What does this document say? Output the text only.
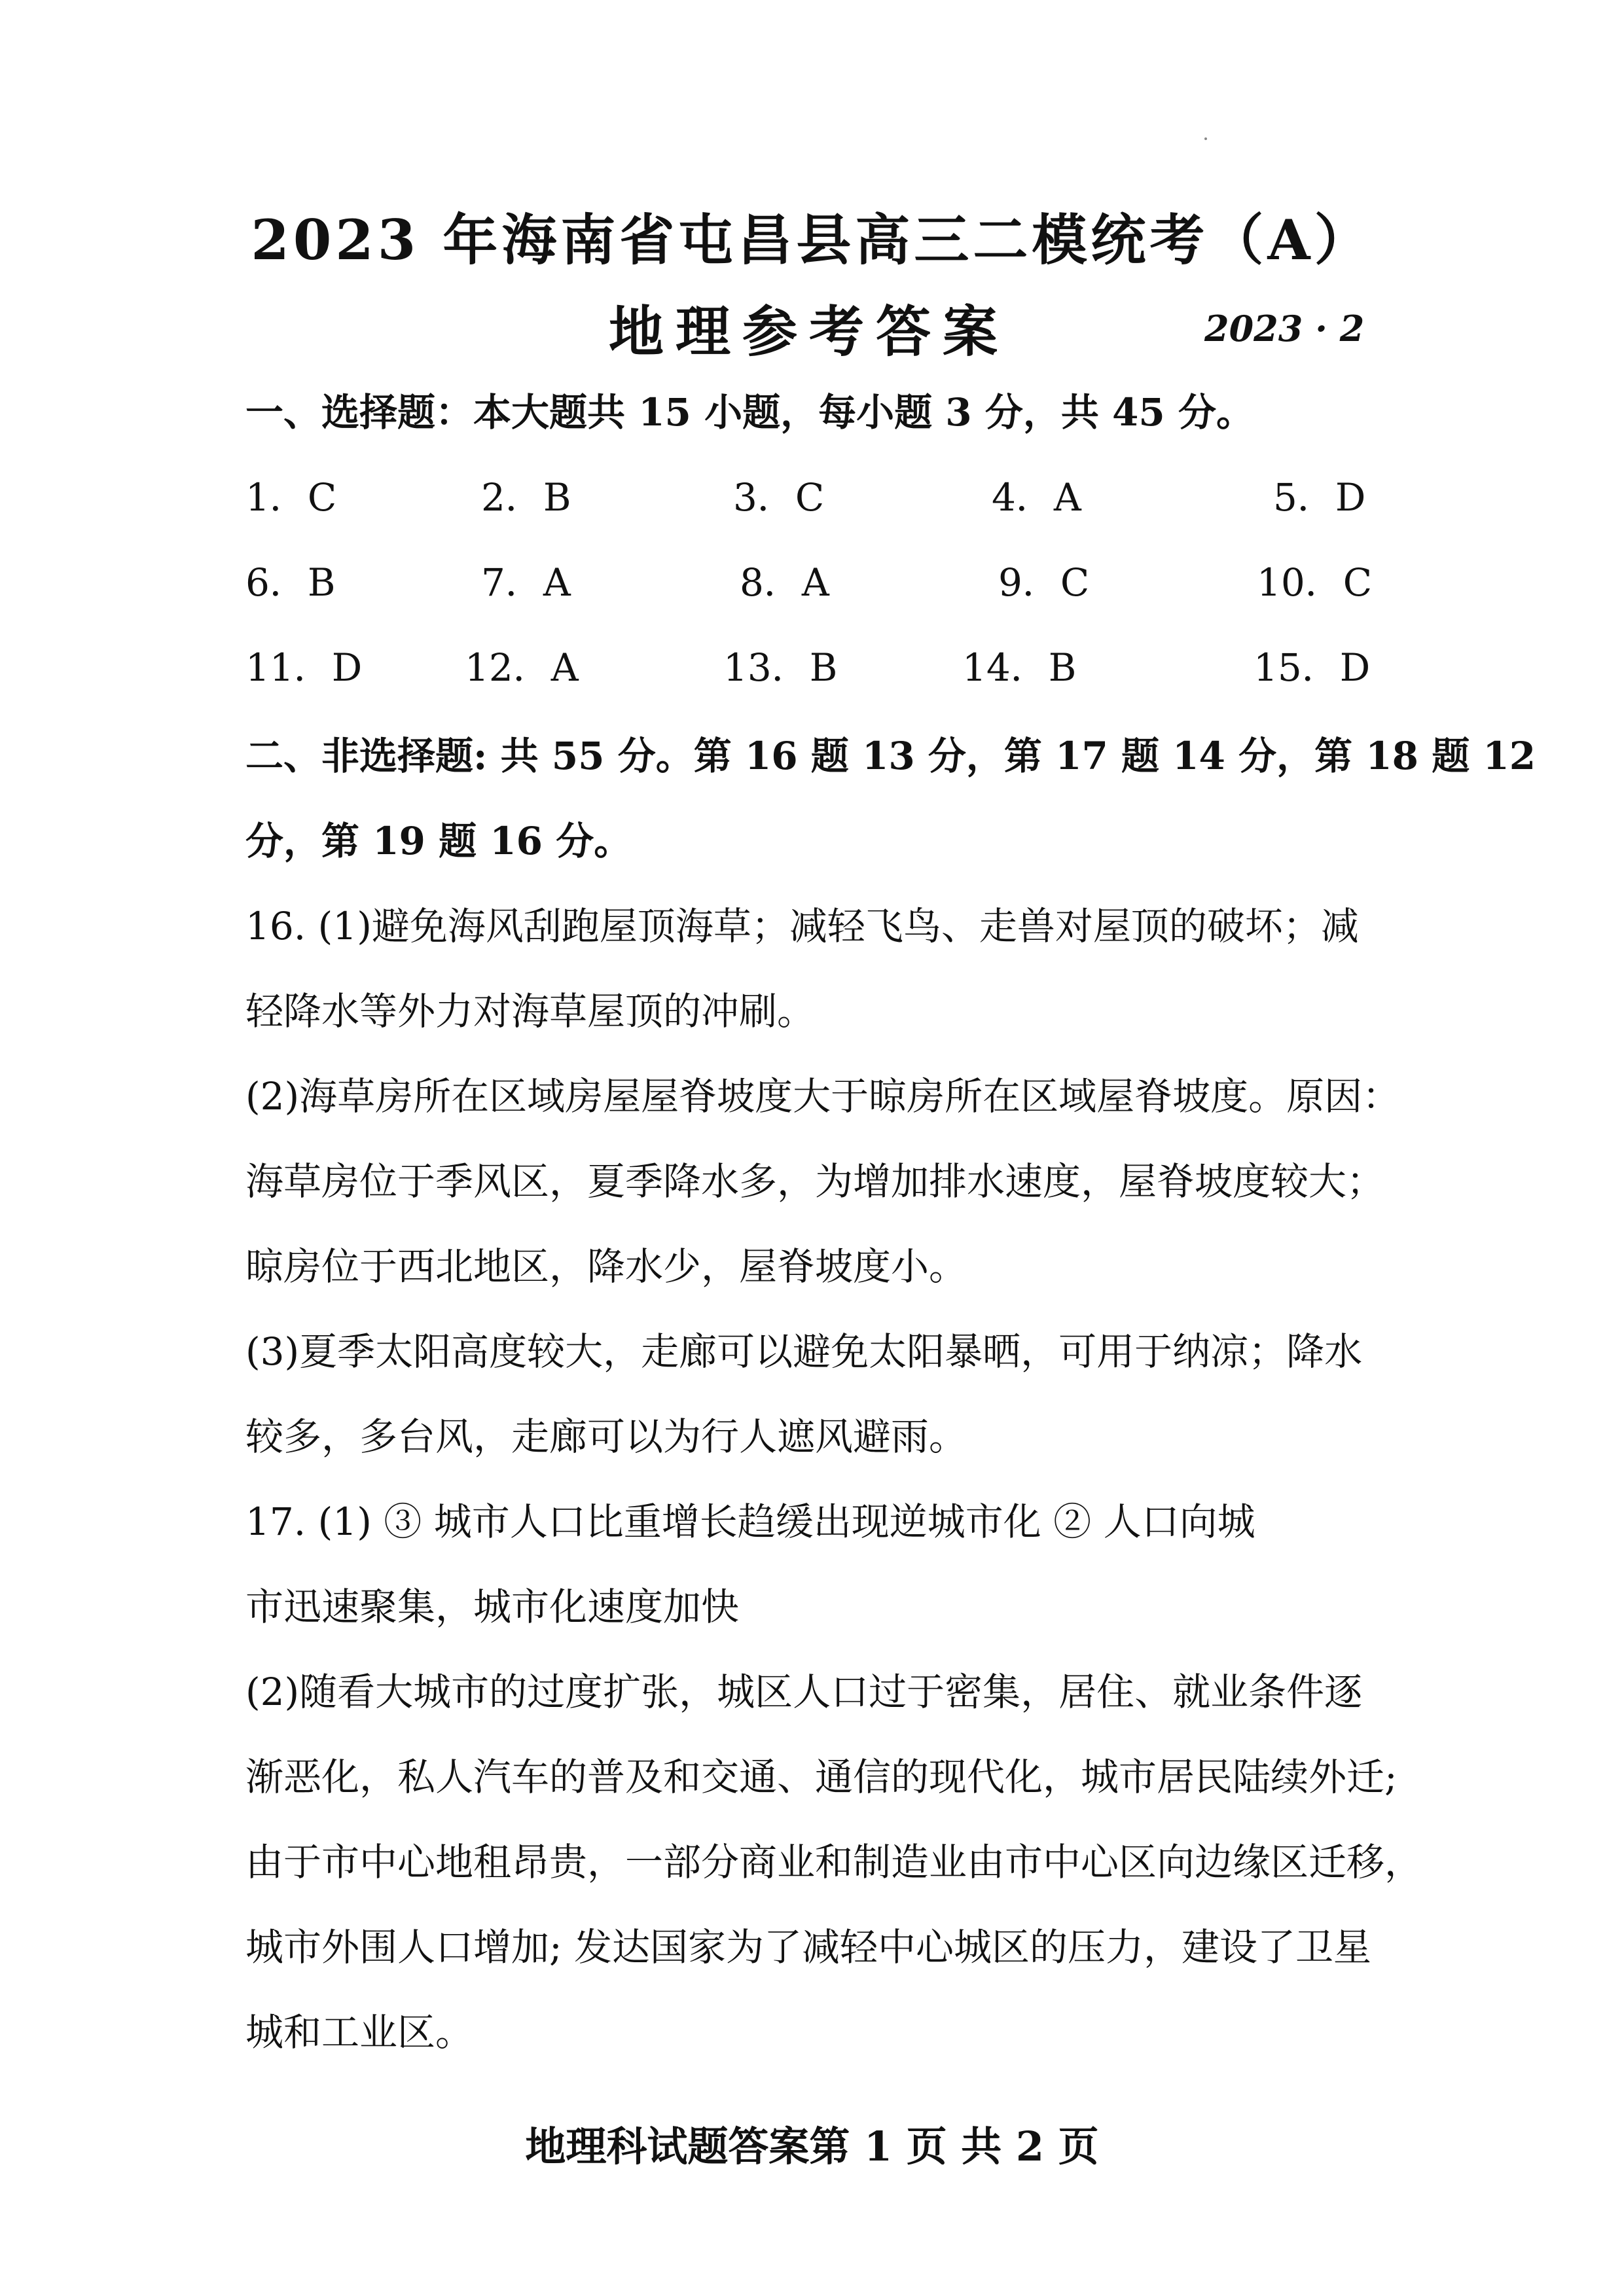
2023 年海南省屯昌县高三二模统考（A）
地理参考答案	2023 · 2
一、选择题：本大题共 15 小题，每小题 3 分，共 45 分。
1．C	2．B	3．C	4．A	5．D
6．B	7．A	8．A	9．C	10．C
11．D	12．A	13．B	14．B	15．D
二、非选择题: 共 55 分。第 16 题 13 分，第 17 题 14 分，第 18 题 12
分，第 19 题 16 分。
16. (1)避免海风刮跑屋顶海草；减轻飞鸟、走兽对屋顶的破坏；减
轻降水等外力对海草屋顶的冲刷。
(2)海草房所在区域房屋屋脊坡度大于晾房所在区域屋脊坡度。原因：
海草房位于季风区，夏季降水多，为增加排水速度，屋脊坡度较大；
晾房位于西北地区，降水少，屋脊坡度小。
(3)夏季太阳高度较大，走廊可以避免太阳暴晒，可用于纳凉；降水
较多，多台风，走廊可以为行人遮风避雨。
17. (1) ③ 城市人口比重增长趋缓出现逆城市化 ② 人口向城
市迅速聚集，城市化速度加快
(2)随看大城市的过度扩张，城区人口过于密集，居住、就业条件逐
渐恶化，私人汽车的普及和交通、通信的现代化，城市居民陆续外迁;
由于市中心地租昂贵，一部分商业和制造业由市中心区向边缘区迁移，
城市外围人口增加; 发达国家为了减轻中心城区的压力，建设了卫星
城和工业区。
地理科试题答案第 1 页 共 2 页
